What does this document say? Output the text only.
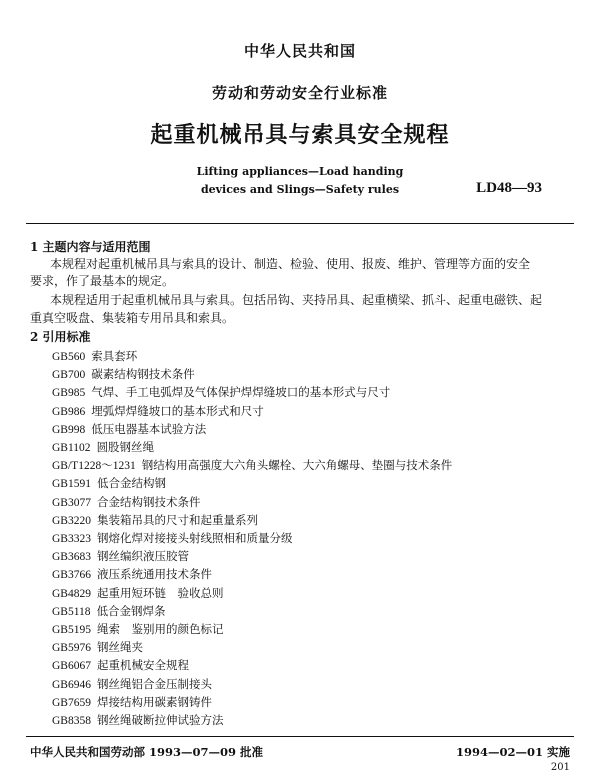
中华人民共和国
劳动和劳动安全行业标准
起重机械吊具与索具安全规程
Lifting appliances—Load handing
devices and Slings—Safety rules	LD48—93
1 主题内容与适用范围
本规程对起重机械吊具与索具的设计、制造、检验、使用、报废、维护、管理等方面的安全
要求，作了最基本的规定。
本规程适用于起重机械吊具与索具。包括吊钩、夹持吊具、起重横梁、抓斗、起重电磁铁、起
重真空吸盘、集装箱专用吊具和索具。
2 引用标准
GB560 索具套环
GB700 碳素结构钢技术条件
GB985 气焊、手工电弧焊及气体保护焊焊缝坡口的基本形式与尺寸
GB986 埋弧焊焊缝坡口的基本形式和尺寸
GB998 低压电器基本试验方法
GB1102 圆股钢丝绳
GB/T1228～1231 钢结构用高强度大六角头螺栓、大六角螺母、垫圈与技术条件
GB1591 低合金结构钢
GB3077 合金结构钢技术条件
GB3220 集装箱吊具的尺寸和起重量系列
GB3323 钢熔化焊对接接头射线照相和质量分级
GB3683 钢丝编织液压胶管
GB3766 液压系统通用技术条件
GB4829 起重用短环链　验收总则
GB5118 低合金钢焊条
GB5195 绳索　鉴别用的颜色标记
GB5976 钢丝绳夹
GB6067 起重机械安全规程
GB6946 钢丝绳铝合金压制接头
GB7659 焊接结构用碳素钢铸件
GB8358 钢丝绳破断拉伸试验方法
中华人民共和国劳动部 1993—07—09 批准	1994—02—01 实施
201
